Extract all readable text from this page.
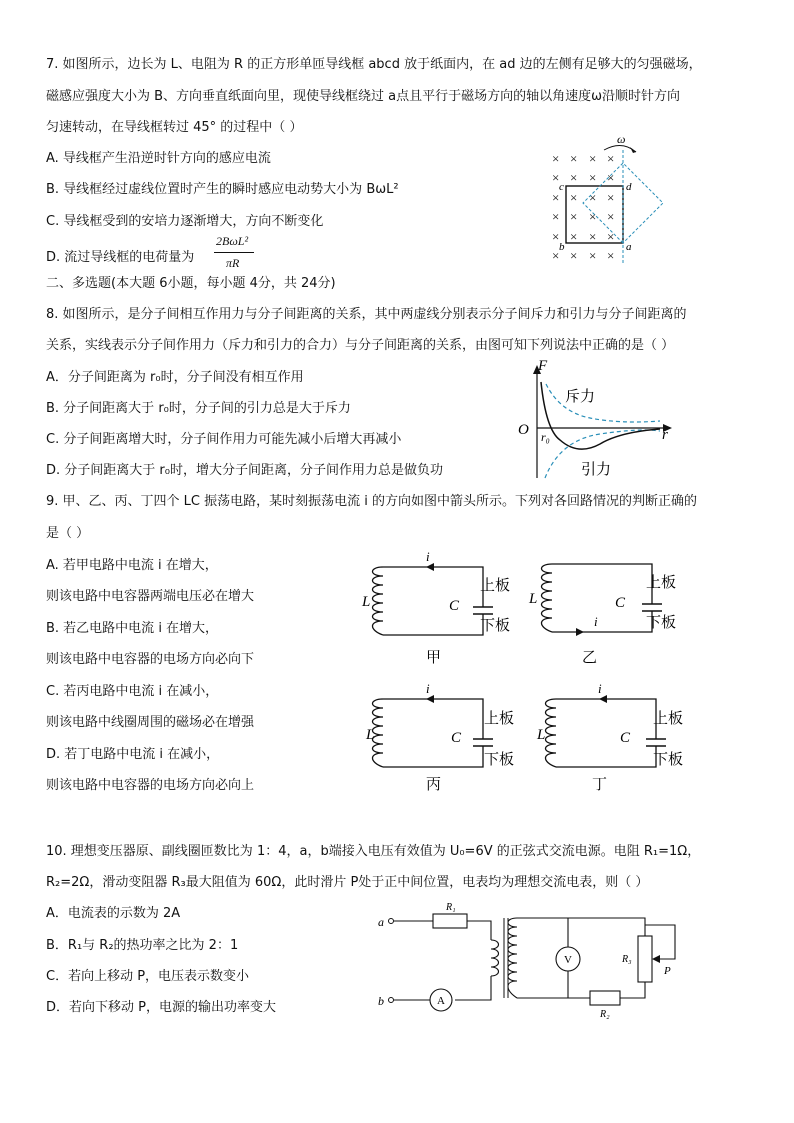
7. 如图所示，边长为 L、电阻为 R 的正方形单匝导线框 abcd 放于纸面内，在 ad 边的左侧有足够大的匀强磁场，
磁感应强度大小为 B、方向垂直纸面向里，现使导线框绕过 a点且平行于磁场方向的轴以角速度ω沿顺时针方向
匀速转动，在导线框转过 45° 的过程中（ ）
A. 导线框产生沿逆时针方向的感应电流
B. 导线框经过虚线位置时产生的瞬时感应电动势大小为 BωL²
C. 导线框受到的安培力逐渐增大，方向不断变化
D. 流过导线框的电荷量为
2BωL²
πR
× × × ×
× × × ×
× × × ×
× × × ×
× × × ×
× × × ×
ω
c	d
b	a
二、多选题(本大题 6小题，每小题 4分，共 24分)
8. 如图所示，是分子间相互作用力与分子间距离的关系，其中两虚线分别表示分子间斥力和引力与分子间距离的
关系，实线表示分子间作用力（斥力和引力的合力）与分子间距离的关系，由图可知下列说法中正确的是（ ）
A．分子间距离为 r₀时，分子间没有相互作用
B. 分子间距离大于 r₀时，分子间的引力总是大于斥力
C. 分子间距离增大时，分子间作用力可能先减小后增大再减小
D. 分子间距离大于 r₀时，增大分子间距离，分子间作用力总是做负功
F
O r₀	r
斥力
引力
9. 甲、乙、丙、丁四个 LC 振荡电路，某时刻振荡电流 i 的方向如图中箭头所示。下列对各回路情况的判断正确的
是（ ）
A. 若甲电路中电流 i 在增大，
则该电路中电容器两端电压必在增大
B. 若乙电路中电流 i 在增大，
则该电路中电容器的电场方向必向下
C. 若丙电路中电流 i 在减小，
则该电路中线圈周围的磁场必在增强
D. 若丁电路中电流 i 在减小，
则该电路中电容器的电场方向必向上
i
L	C
上板
下板
甲
L	C
上板
下板
i
乙
i
L	C
上板
下板
丙
i
L	C
上板
下板
丁
10. 理想变压器原、副线圈匝数比为 1：4，a，b端接入电压有效值为 U₀=6V 的正弦式交流电源。电阻 R₁=1Ω，
R₂=2Ω，滑动变阻器 R₃最大阻值为 60Ω，此时滑片 P处于正中间位置，电表均为理想交流电表，则（ ）
A．电流表的示数为 2A
B．R₁与 R₂的热功率之比为 2：1
C．若向上移动 P，电压表示数变小
D．若向下移动 P，电源的输出功率变大
a
b
R₁
A
R₂
R₃
V
P
